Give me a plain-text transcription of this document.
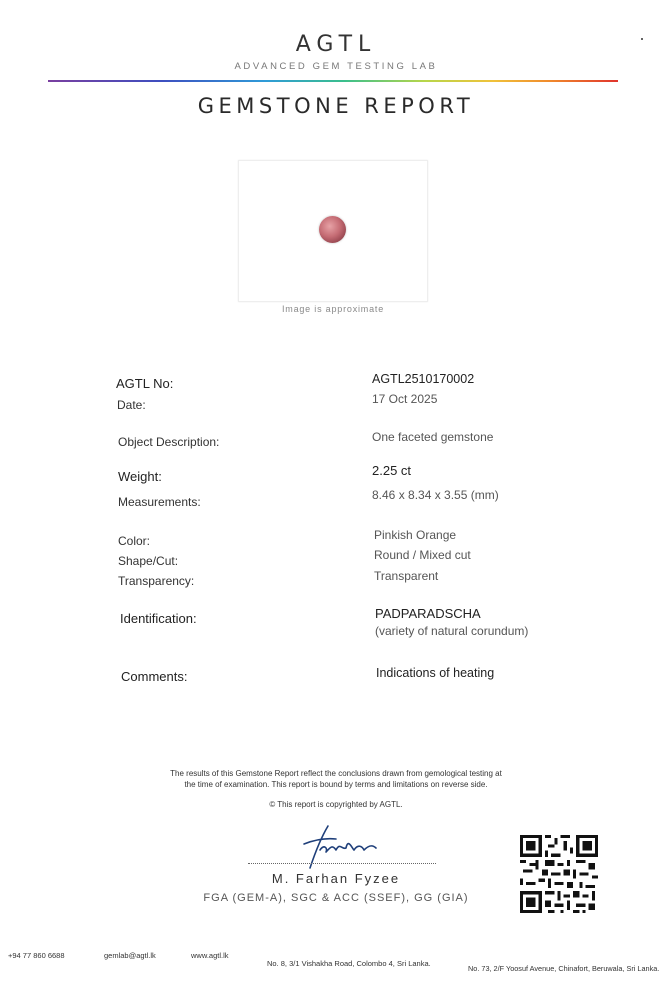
AGTL
ADVANCED GEM TESTING LAB
GEMSTONE REPORT
Image is approximate
AGTL No:	AGTL2510170002
Date:	17 Oct 2025
Object Description:	One faceted gemstone
Weight:	2.25 ct
Measurements:	8.46 x 8.34 x 3.55 (mm)
Color:	Pinkish Orange
Shape/Cut:	Round / Mixed cut
Transparency:	Transparent
Identification:	PADPARADSCHA
(variety of natural corundum)
Comments:	Indications of heating
The results of this Gemstone Report reflect the conclusions drawn from gemological testing at
the time of examination. This report is bound by terms and limitations on reverse side.
© This report is copyrighted by AGTL.
M. Farhan Fyzee
FGA (GEM-A), SGC & ACC (SSEF), GG (GIA)
+94 77 860 6688	gemlab@agtl.lk	www.agtl.lk
No. 8, 3/1 Vishakha Road, Colombo 4, Sri Lanka.
No. 73, 2/F Yoosuf Avenue, Chinafort, Beruwala, Sri Lanka.
